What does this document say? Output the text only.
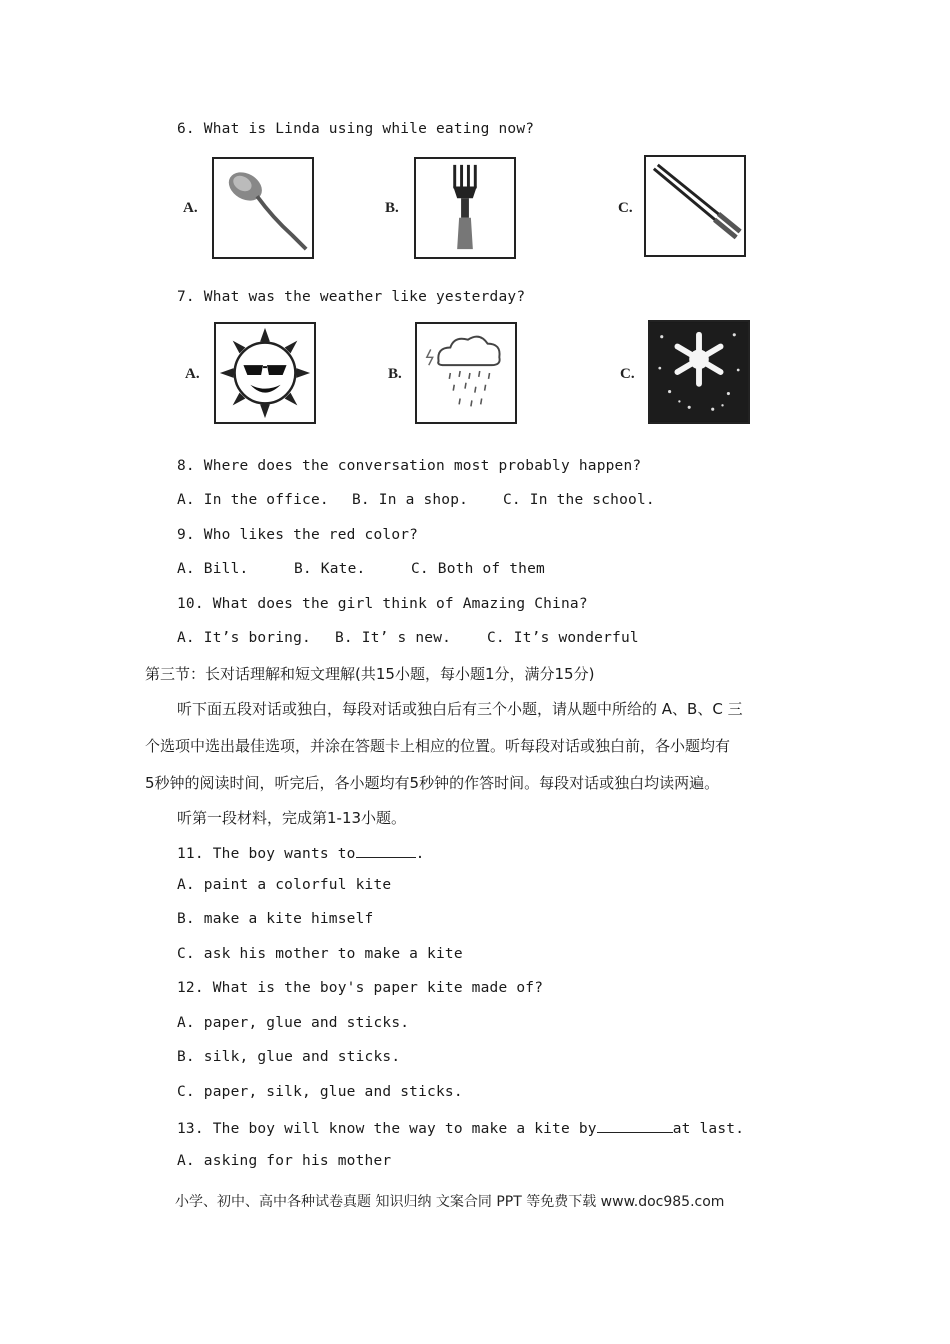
6. What is Linda using while eating now?
A.	B.	C.
7. What was the weather like yesterday?
A.	B.	C.
8. Where does the conversation most probably happen?
A. In the office. B. In a shop. C. In the school.
9. Who likes the red color?
A. Bill.	B. Kate.	C. Both of them
10. What does the girl think of Amazing China?
A. It’s boring. B. It’ s new. C. It’s wonderful
第三节：长对话理解和短文理解(共15小题，每小题1分，满分15分)
听下面五段对话或独白，每段对话或独白后有三个小题，请从题中所给的 A、B、C 三
个选项中选出最佳选项，并涂在答题卡上相应的位置。听每段对话或独白前，各小题均有
5秒钟的阅读时间，听完后，各小题均有5秒钟的作答时间。每段对话或独白均读两遍。
听第一段材料，完成第1-13小题。
11. The boy wants to	.
A. paint a colorful kite
B. make a kite himself
C. ask his mother to make a kite
12. What is the boy's paper kite made of?
A. paper, glue and sticks.
B. silk, glue and sticks.
C. paper, silk, glue and sticks.
13. The boy will know the way to make a kite by	at last.
A. asking for his mother
小学、初中、高中各种试卷真题 知识归纳 文案合同 PPT 等免费下载 www.doc985.com
